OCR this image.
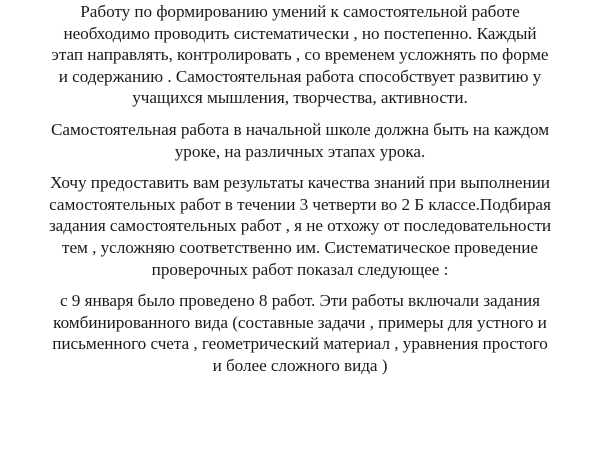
Работу по формированию умений к самостоятельной работе
необходимо проводить систематически , но постепенно. Каждый
этап направлять, контролировать , со временем усложнять по форме
и содержанию . Самостоятельная работа способствует развитию у
учащихся мышления, творчества, активности.

Самостоятельная работа в начальной школе должна быть на каждом
уроке, на различных этапах урока.

Хочу предоставить вам результаты качества знаний при выполнении
самостоятельных работ в течении 3 четверти во 2 Б классе.Подбирая
задания самостоятельных работ , я не отхожу от последовательности
тем , усложняю соответственно им. Систематическое проведение
проверочных работ показал следующее :

с 9 января было проведено 8 работ. Эти работы включали задания
комбинированного вида (составные задачи , примеры для устного и
письменного счета , геометрический материал , уравнения простого
и более сложного вида )
